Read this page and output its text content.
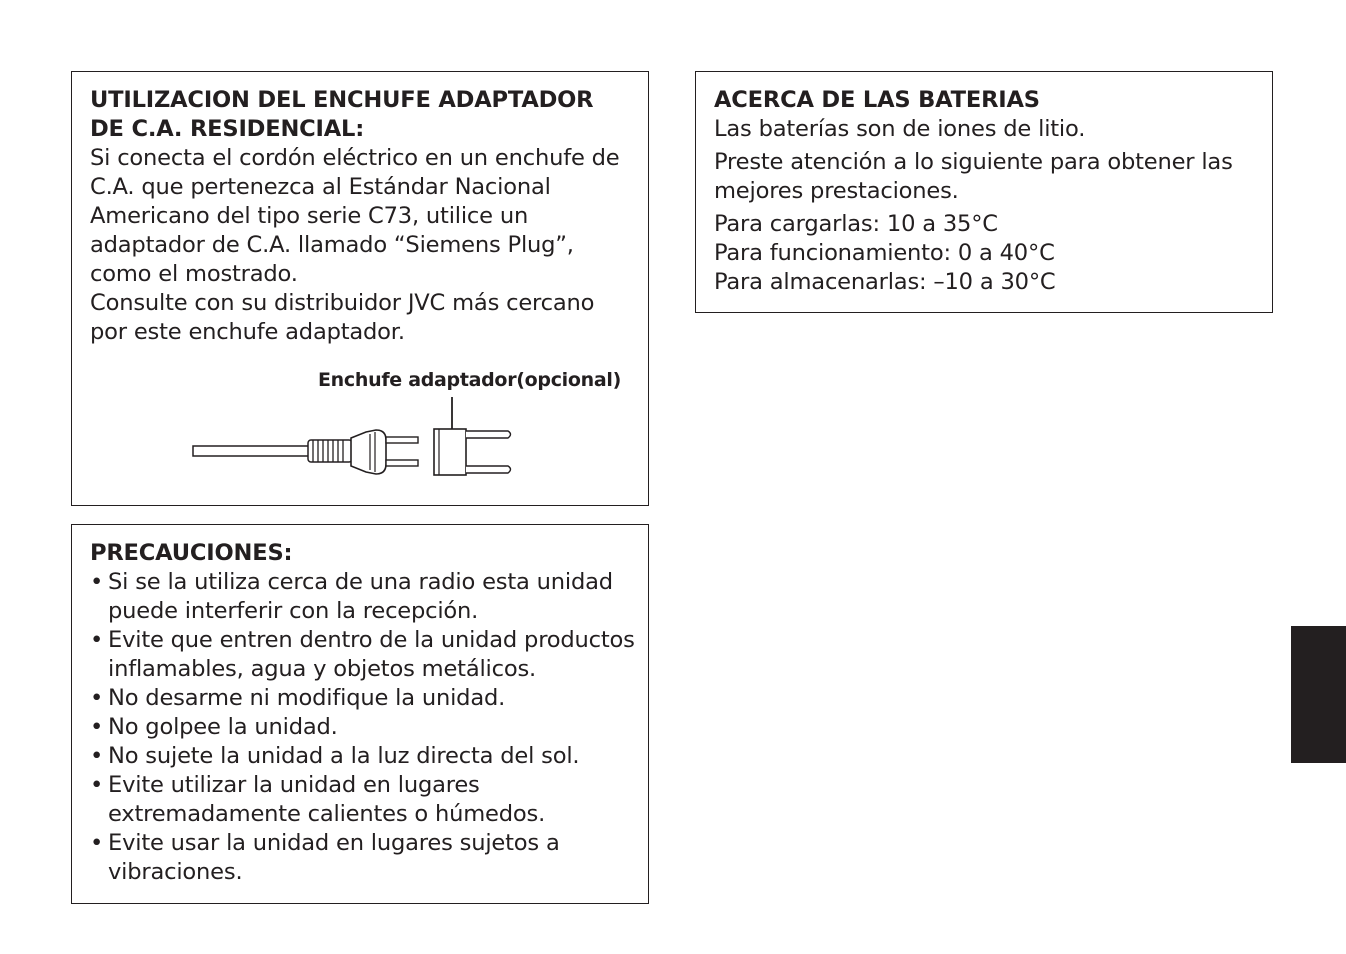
UTILIZACION DEL ENCHUFE ADAPTADOR
DE C.A. RESIDENCIAL:

Si conecta el cordón eléctrico en un enchufe de
C.A. que pertenezca al Estándar Nacional
Americano del tipo serie C73, utilice un
adaptador de C.A. llamado “Siemens Plug”,
como el mostrado.
Consulte con su distribuidor JVC más cercano
por este enchufe adaptador.

Enchufe adaptador(opcional)

PRECAUCIONES:

• Si se la utiliza cerca de una radio esta unidad
puede interferir con la recepción.
• Evite que entren dentro de la unidad productos
inflamables, agua y objetos metálicos.
• No desarme ni modifique la unidad.
• No golpee la unidad.
• No sujete la unidad a la luz directa del sol.
• Evite utilizar la unidad en lugares
extremadamente calientes o húmedos.
• Evite usar la unidad en lugares sujetos a
vibraciones.

ACERCA DE LAS BATERIAS

Las baterías son de iones de litio.

Preste atención a lo siguiente para obtener las
mejores prestaciones.

Para cargarlas: 10 a 35°C
Para funcionamiento: 0 a 40°C
Para almacenarlas: –10 a 30°C
